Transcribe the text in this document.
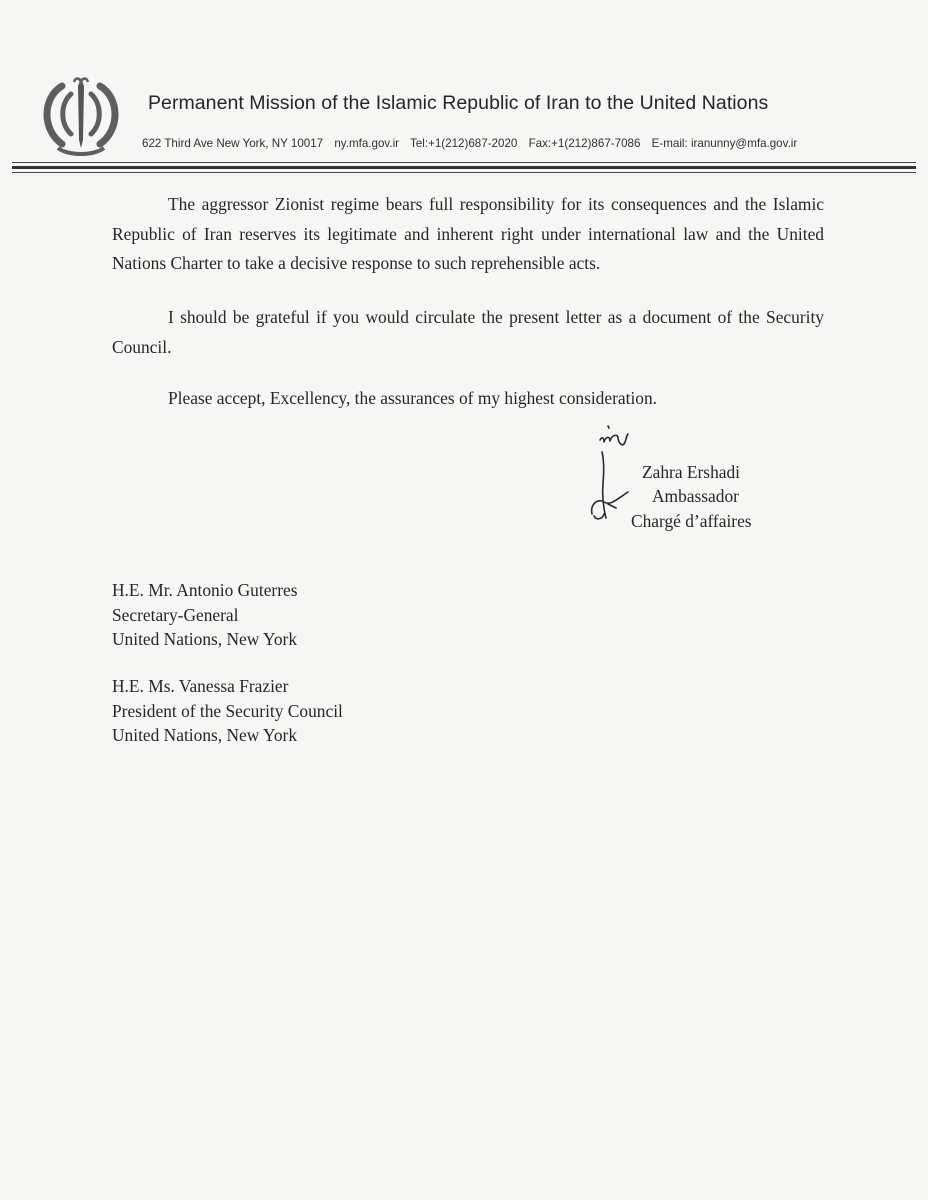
Permanent Mission of the Islamic Republic of Iran to the United Nations
622 Third Ave New York, NY 10017 ny.mfa.gov.ir Tel:+1(212)687-2020 Fax:+1(212)867-7086 E-mail: iranunny@mfa.gov.ir

The aggressor Zionist regime bears full responsibility for its consequences and the Islamic Republic of Iran reserves its legitimate and inherent right under international law and the United Nations Charter to take a decisive response to such reprehensible acts.

I should be grateful if you would circulate the present letter as a document of the Security Council.

Please accept, Excellency, the assurances of my highest consideration.

Zahra Ershadi
Ambassador
Chargé d’affaires
H.E. Mr. Antonio Guterres
Secretary-General
United Nations, New York
H.E. Ms. Vanessa Frazier
President of the Security Council
United Nations, New York
